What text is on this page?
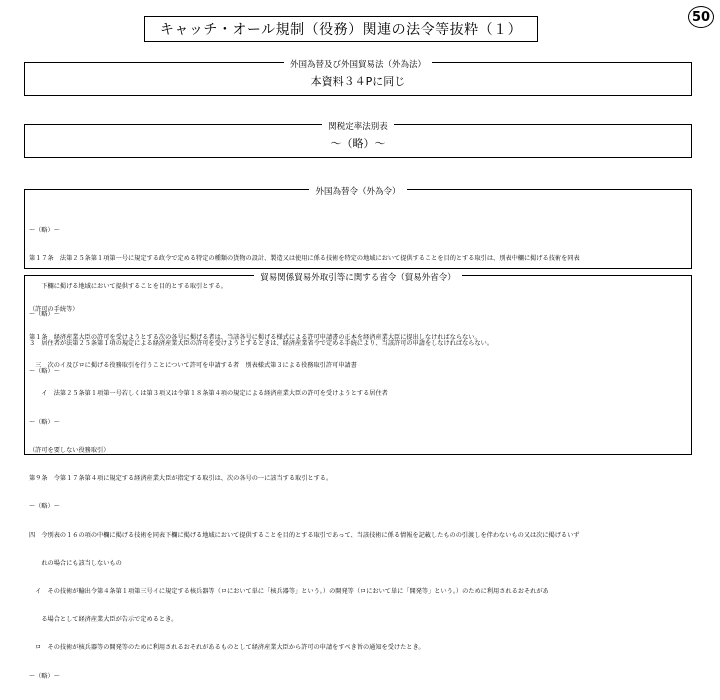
キャッチ・オール規制（役務）関連の法令等抜粋（１）
50
外国為替及び外国貿易法（外為法）
本資料３４Pに同じ
関税定率法別表
～（略）～
外国為替令（外為令）

～（略）～

第１７条　法第２５条第１項第一号に規定する政令で定める特定の種類の貨物の設計、製造又は使用に係る技術を特定の地域において提供することを目的とする取引は、別表中欄に掲げる技術を同表

　　下欄に掲げる地域において提供することを目的とする取引とする。

～（略）～

３　居住者が法第２５条第１項の規定による経済産業大臣の許可を受けようとするときは、経済産業省令で定める手続により、当該許可の申請をしなければならない。

～（略）～

貿易関係貿易外取引等に関する省令（貿易外省令）

（許可の手続等）

第１条　経済産業大臣の許可を受けようとする次の各号に掲げる者は、当該各号に掲げる様式による許可申請書の正本を経済産業大臣に提出しなければならない。

　三　次のイ及びロに掲げる役務取引を行うことについて許可を申請する者　別表様式第３による役務取引許可申請書

　　イ　法第２５条第１項第一号若しくは第３項又は令第１８条第４項の規定による経済産業大臣の許可を受けようとする居住者

～（略）～

（許可を要しない役務取引）

第９条　令第１７条第４項に規定する経済産業大臣が指定する取引は、次の各号の一に該当する取引とする。

～（略）～

四　令別表の１６の項の中欄に掲げる技術を同表下欄に掲げる地域において提供することを目的とする取引であって、当該技術に係る情報を記載したものの引渡しを伴わないもの又は次に掲げるいず

　　れの場合にも該当しないもの

　イ　その技術が輸出令第４条第１項第三号イに規定する核兵器等（ロにおいて単に「核兵器等」という。）の開発等（ロにおいて単に「開発等」という。）のために利用されるおそれがあ

　　る場合として経済産業大臣が告示で定めるとき。

　ロ　その技術が核兵器等の開発等のために利用されるおそれがあるものとして経済産業大臣から許可の申請をすべき旨の通知を受けたとき。

～（略）～
